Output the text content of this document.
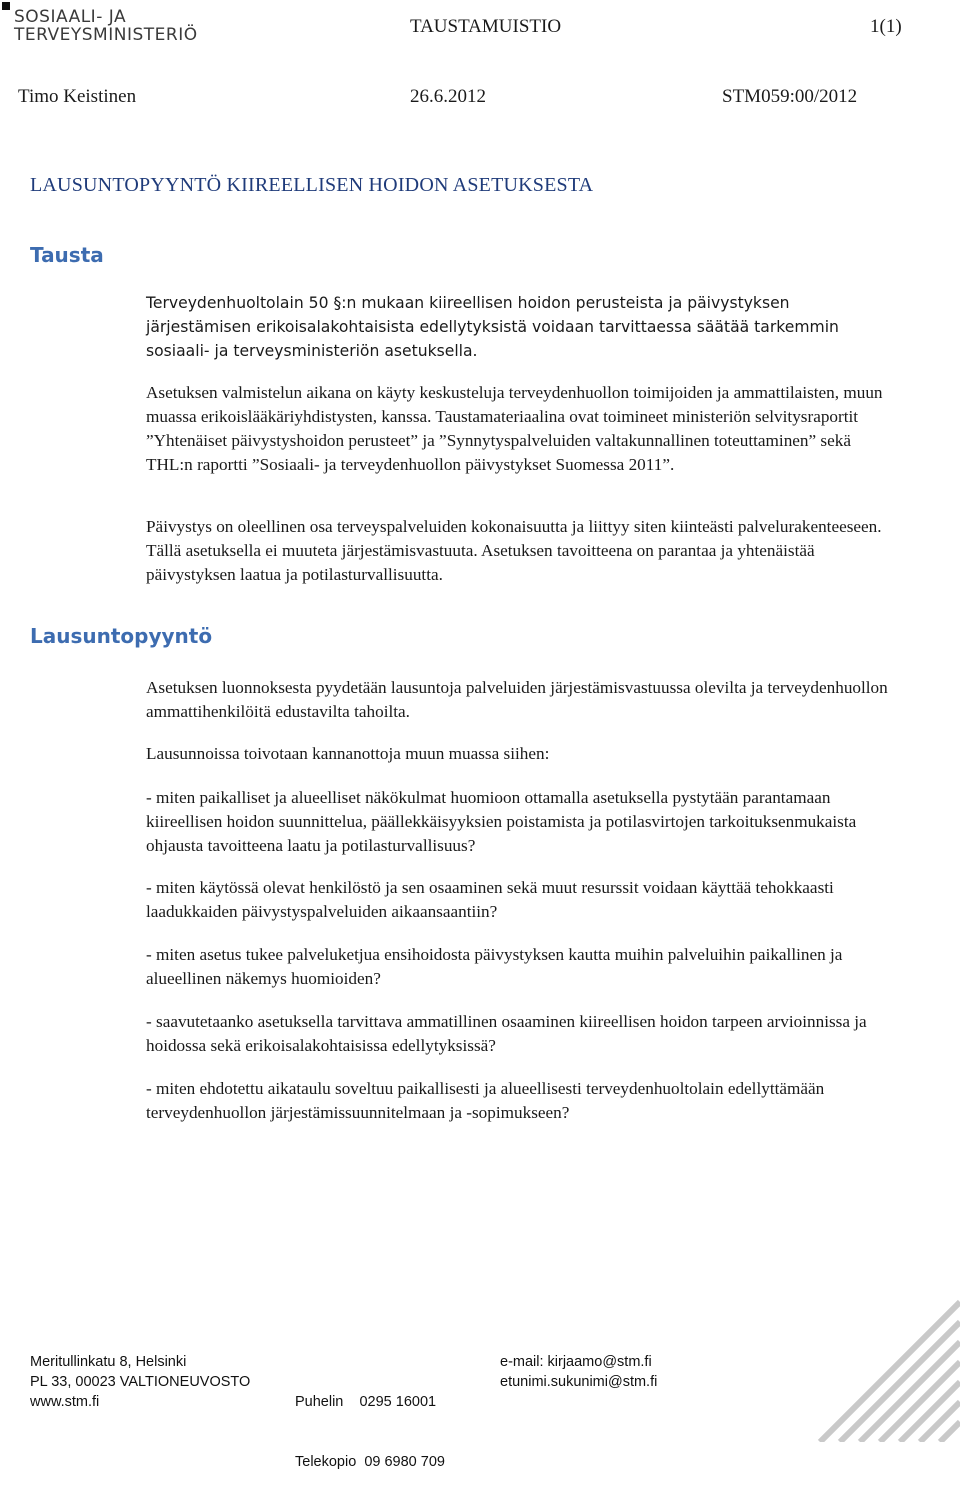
SOSIAALI- JA
TERVEYSMINISTERIÖ	TAUSTAMUISTIO	1(1)
Timo Keistinen	26.6.2012	STM059:00/2012
LAUSUNTOPYYNTÖ KIIREELLISEN HOIDON ASETUKSESTA
Tausta

Terveydenhuoltolain 50 §:n mukaan kiireellisen hoidon perusteista ja päivystyksen järjestämisen erikoisalakohtaisista edellytyksistä voidaan tarvittaessa säätää tarkemmin sosiaali- ja terveysministeriön asetuksella.

Asetuksen valmistelun aikana on käyty keskusteluja terveydenhuollon toimijoiden ja ammattilaisten, muun muassa erikoislääkäriyhdistysten, kanssa. Taustamateriaalina ovat toimineet ministeriön selvitysraportit ”Yhtenäiset päivystyshoidon perusteet” ja ”Synnytyspalveluiden valtakunnallinen toteuttaminen” sekä THL:n raportti ”Sosiaali- ja terveydenhuollon päivystykset Suomessa 2011”.

Päivystys on oleellinen osa terveyspalveluiden kokonaisuutta ja liittyy siten kiinteästi palvelurakenteeseen. Tällä asetuksella ei muuteta järjestämisvastuuta. Asetuksen tavoitteena on parantaa ja yhtenäistää päivystyksen laatua ja potilasturvallisuutta.

Lausuntopyyntö

Asetuksen luonnoksesta pyydetään lausuntoja palveluiden järjestämisvastuussa olevilta ja terveydenhuollon ammattihenkilöitä edustavilta tahoilta.

Lausunnoissa toivotaan kannanottoja muun muassa siihen:

- miten paikalliset ja alueelliset näkökulmat huomioon ottamalla asetuksella pystytään parantamaan kiireellisen hoidon suunnittelua, päällekkäisyyksien poistamista ja potilasvirtojen tarkoituksenmukaista ohjausta tavoitteena laatu ja potilasturvallisuus?

- miten käytössä olevat henkilöstö ja sen osaaminen sekä muut resurssit voidaan käyttää tehokkaasti laadukkaiden päivystyspalveluiden aikaansaantiin?

- miten asetus tukee palveluketjua ensihoidosta päivystyksen kautta muihin palveluihin paikallinen ja alueellinen näkemys huomioiden?

- saavutetaanko asetuksella tarvittava ammatillinen osaaminen kiireellisen hoidon tarpeen arvioinnissa ja hoidossa sekä erikoisalakohtaisissa edellytyksissä?

- miten ehdotettu aikataulu soveltuu paikallisesti ja alueellisesti terveydenhuoltolain edellyttämään terveydenhuollon järjestämissuunnitelmaan ja -sopimukseen?

Meritullinkatu 8, Helsinki
PL 33, 00023 VALTIONEUVOSTO
www.stm.fi

	Puhelin    0295 16001

Telekopio  09 6980 709

e-mail: kirjaamo@stm.fi
etunimi.sukunimi@stm.fi
